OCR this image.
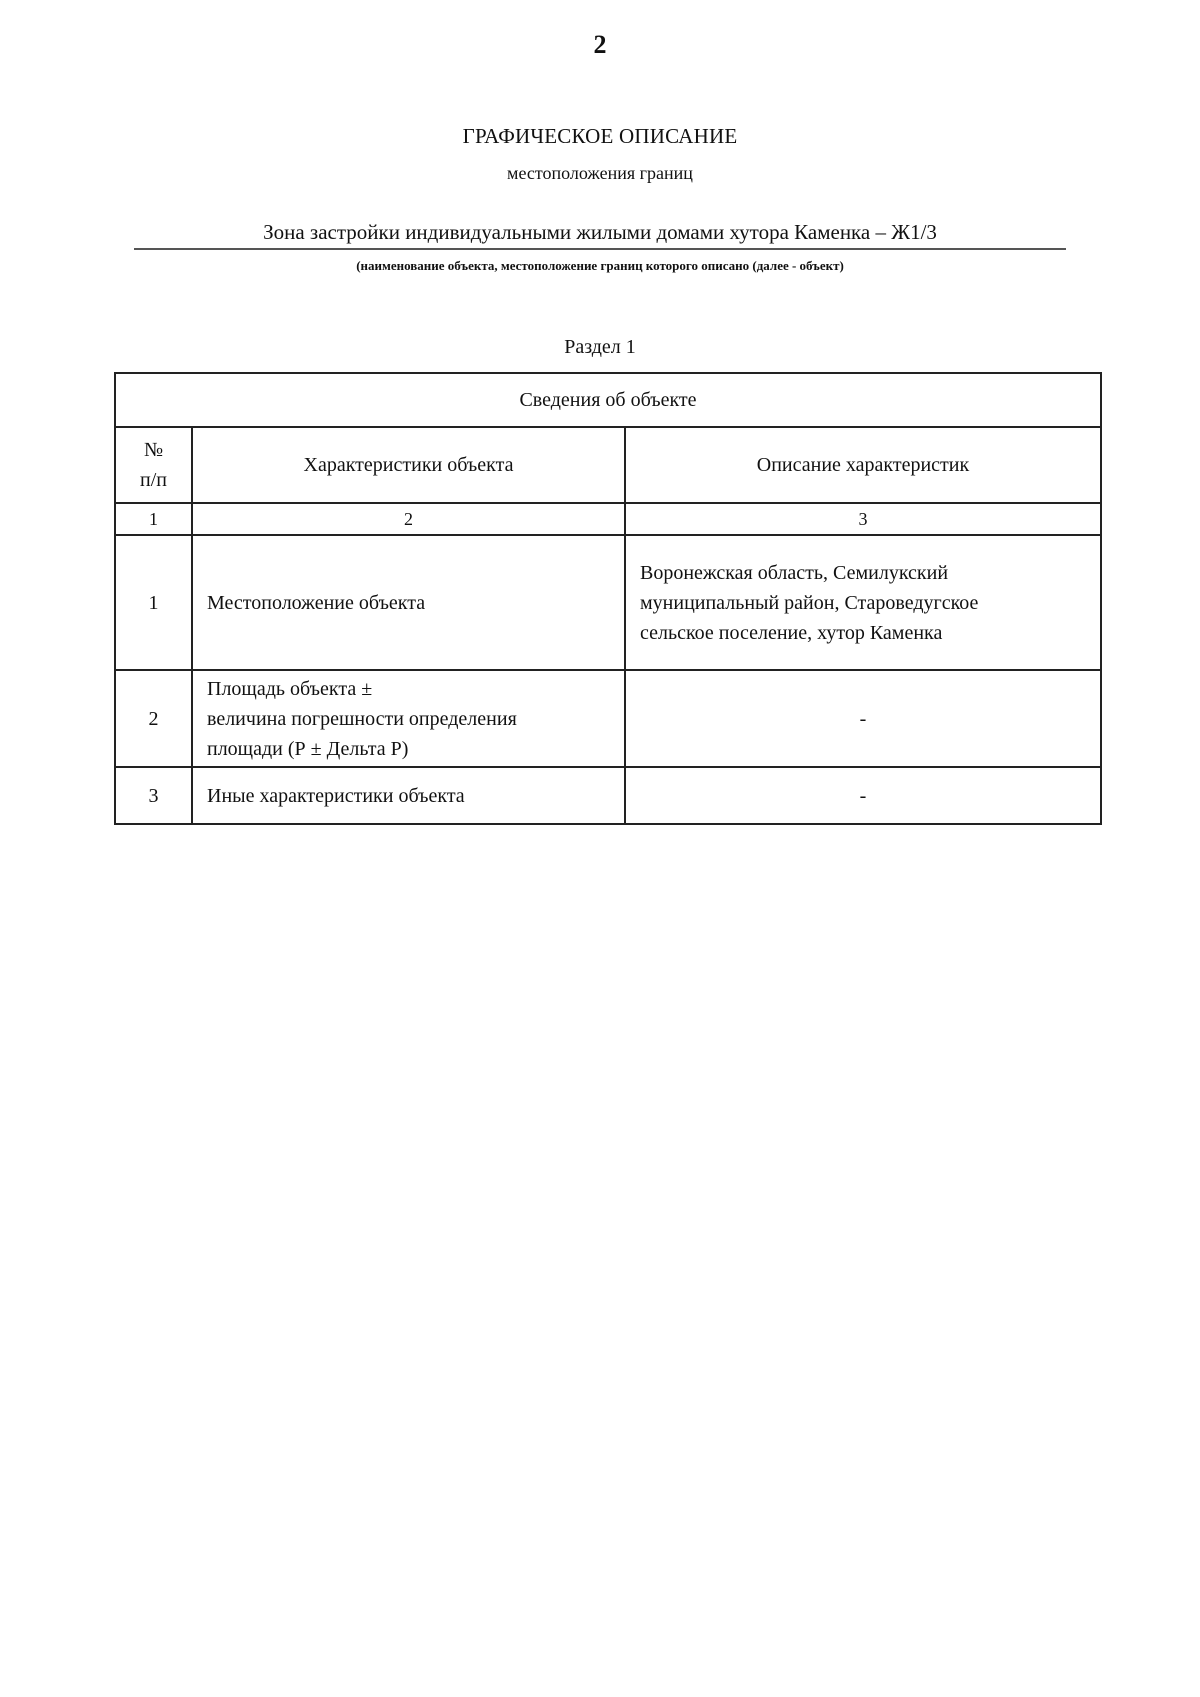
2
ГРАФИЧЕСКОЕ ОПИСАНИЕ
местоположения границ
Зона застройки индивидуальными жилыми домами хутора Каменка – Ж1/3
(наименование объекта, местоположение границ которого описано (далее - объект)
Раздел 1
Сведения об объекте		

№
п/п	Характеристики объекта	Описание характеристик
1	2	3
1	Местоположение объекта	Воронежская область, Семилукский
муниципальный район, Староведугское
сельское поселение, хутор Каменка

2	Площадь объекта ±
величина погрешности определения
площади (Р ± Дельта Р)	-
3	Иные характеристики объекта	-
